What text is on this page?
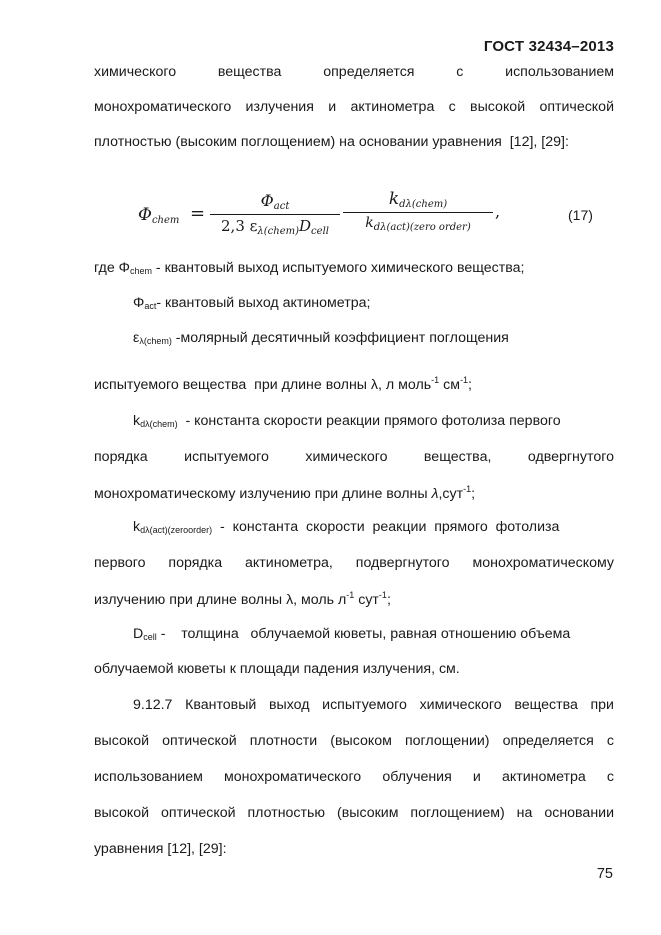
ГОСТ 32434–2013
химического	вещества	определяется	с	использованием
монохроматического  излучения  и  актинометра  с  высокой  оптической
плотностью (высоким поглощением) на основании уравнения  [12], [29]:
$\Phi_{chem}$ =
$\Phi_{act}$
2,3 $\varepsilon_{\lambda(chem)}D_{cell}$
$k_{d\lambda(chem)}$
$k_{d\lambda(act)(zero order)}$
,	(17)
где $\Phi_{chem}$ - квантовый выход испытуемого химического вещества;
$\Phi_{act}-$ квантовый выход актинометра;
$\varepsilon_{\lambda(chem)}$ -молярный десятичный коэффициент поглощения
испытуемого вещества  при длине волны λ, л моль$^{-1}$ $см^{-1}$;
$k_{d\lambda(chem)}$  - константа скорости реакции прямого фотолиза первого
порядка	испытуемого	химического	вещества,	одвергнутого
монохроматическому излучению при длине волны λ,сут$^{-1}$;
$k_{d\lambda(act)(zeroorder)}$  -  константа  скорости  реакции  прямого  фотолиза
первого порядка актинометра, подвергнутого монохроматическому
излучению при длине волны λ, моль $л^{-1}$ сут$^{-1}$;
$D_{cell}$ -    толщина   облучаемой кюветы, равная отношению объема
облучаемой кюветы к площади падения излучения, см.
9.12.7 Квантовый выход испытуемого химического вещества при
высокой оптической плотности (высоком поглощении) определяется с
использованием монохроматического облучения и актинометра с
высокой оптической плотностью (высоким поглощением) на основании
уравнения [12], [29]:
75
